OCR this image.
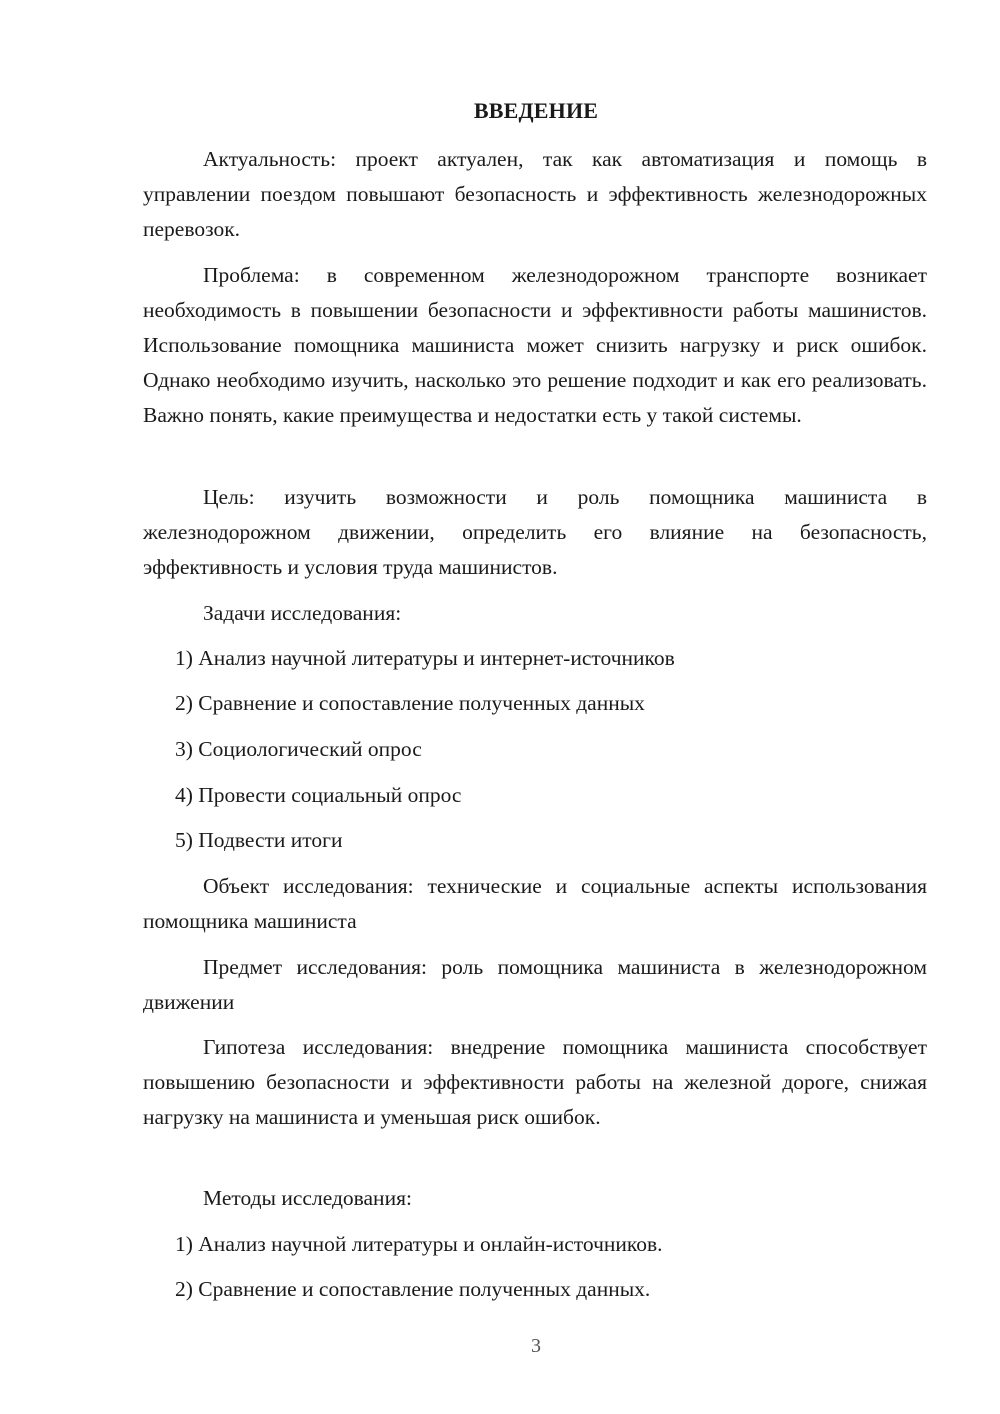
ВВЕДЕНИЕ

Актуальность: проект актуален, так как автоматизация и помощь в управлении поездом повышают безопасность и эффективность железнодорожных перевозок.

Проблема: в современном железнодорожном транспорте возникает необходимость в повышении безопасности и эффективности работы машинистов. Использование помощника машиниста может снизить нагрузку и риск ошибок. Однако необходимо изучить, насколько это решение подходит и как его реализовать. Важно понять, какие преимущества и недостатки есть у такой системы.

Цель: изучить возможности и роль помощника машиниста в железнодорожном движении, определить его влияние на безопасность, эффективность и условия труда машинистов.

Задачи исследования:

1) Анализ научной литературы и интернет-источников

2) Сравнение и сопоставление полученных данных

3) Социологический опрос

4) Провести социальный опрос

5) Подвести итоги

Объект исследования: технические и социальные аспекты использования помощника машиниста

Предмет исследования: роль помощника машиниста в железнодорожном движении

Гипотеза исследования: внедрение помощника машиниста способствует повышению безопасности и эффективности работы на железной дороге, снижая нагрузку на машиниста и уменьшая риск ошибок.

Методы исследования:

1) Анализ научной литературы и онлайн-источников.

2) Сравнение и сопоставление полученных данных.

3
